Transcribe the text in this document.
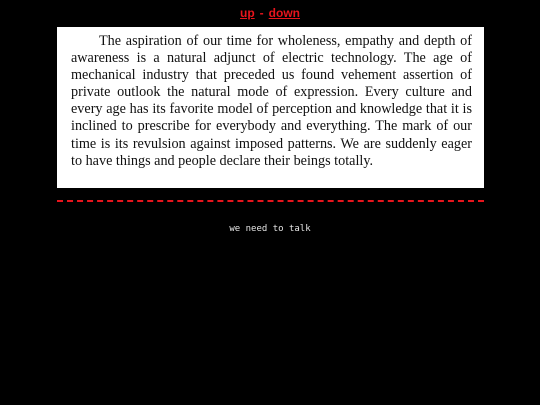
up - down

The aspiration of our time for wholeness, empathy and depth of awareness is a natural adjunct of electric technology. The age of mechanical industry that preceded us found vehement assertion of private outlook the natural mode of expression. Every culture and every age has its favorite model of perception and knowledge that it is inclined to prescribe for everybody and everything. The mark of our time is its revulsion against imposed patterns. We are suddenly eager to have things and people declare their beings totally.

we need to talk
